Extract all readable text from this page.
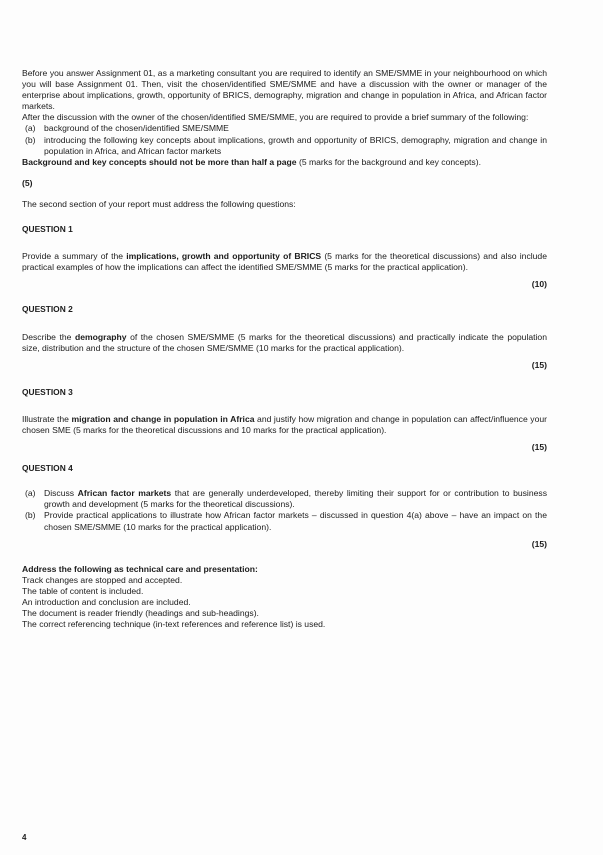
Before you answer Assignment 01, as a marketing consultant you are required to identify an SME/SMME in your neighbourhood on which you will base Assignment 01. Then, visit the chosen/identified SME/SMME and have a discussion with the owner or manager of the enterprise about implications, growth, opportunity of BRICS, demography, migration and change in population in Africa, and African factor markets.

After the discussion with the owner of the chosen/identified SME/SMME, you are required to provide a brief summary of the following:

(a) background of the chosen/identified SME/SMME
(b) introducing the following key concepts about implications, growth and opportunity of BRICS, demography, migration and change in population in Africa, and African factor markets

Background and key concepts should not be more than half a page (5 marks for the background and key concepts).

(5)

The second section of your report must address the following questions:

QUESTION 1

Provide a summary of the implications, growth and opportunity of BRICS (5 marks for the theoretical discussions) and also include practical examples of how the implications can affect the identified SME/SMME (5 marks for the practical application).

(10)

QUESTION 2

Describe the demography of the chosen SME/SMME (5 marks for the theoretical discussions) and practically indicate the population size, distribution and the structure of the chosen SME/SMME (10 marks for the practical application).

(15)

QUESTION 3

Illustrate the migration and change in population in Africa and justify how migration and change in population can affect/influence your chosen SME (5 marks for the theoretical discussions and 10 marks for the practical application).

(15)

QUESTION 4

(a) Discuss African factor markets that are generally underdeveloped, thereby limiting their support for or contribution to business growth and development (5 marks for the theoretical discussions).
(b) Provide practical applications to illustrate how African factor markets – discussed in question 4(a) above – have an impact on the chosen SME/SMME (10 marks for the practical application).

(15)

Address the following as technical care and presentation:

Track changes are stopped and accepted.

The table of content is included.

An introduction and conclusion are included.

The document is reader friendly (headings and sub-headings).

The correct referencing technique (in-text references and reference list) is used.

4
